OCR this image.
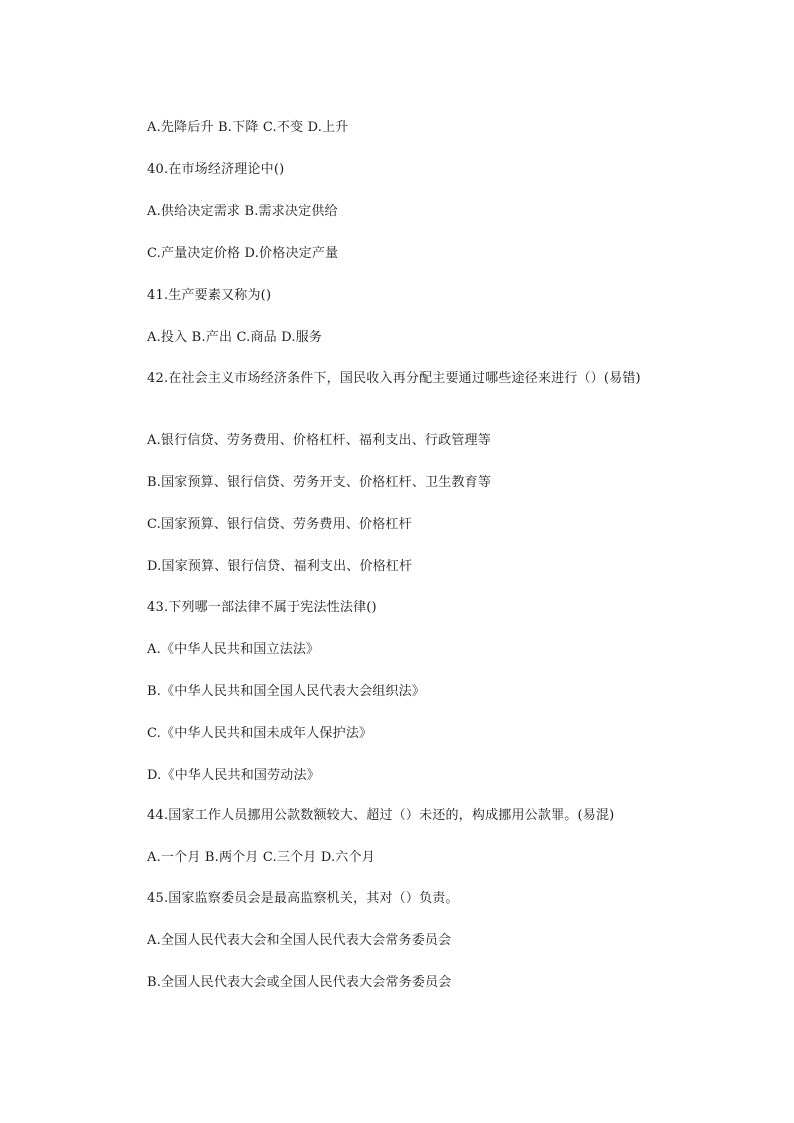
A.先降后升 B.下降 C.不变 D.上升
40.在市场经济理论中()
A.供给决定需求 B.需求决定供给
C.产量决定价格 D.价格决定产量
41.生产要素又称为()
A.投入 B.产出 C.商品 D.服务
42.在社会主义市场经济条件下，国民收入再分配主要通过哪些途径来进行（）(易错)
A.银行信贷、劳务费用、价格杠杆、福利支出、行政管理等
B.国家预算、银行信贷、劳务开支、价格杠杆、卫生教育等
C.国家预算、银行信贷、劳务费用、价格杠杆
D.国家预算、银行信贷、福利支出、价格杠杆
43.下列哪一部法律不属于宪法性法律()
A.《中华人民共和国立法法》
B.《中华人民共和国全国人民代表大会组织法》
C.《中华人民共和国未成年人保护法》
D.《中华人民共和国劳动法》
44.国家工作人员挪用公款数额较大、超过（）未还的，构成挪用公款罪。(易混)
A.一个月 B.两个月 C.三个月 D.六个月
45.国家监察委员会是最高监察机关，其对（）负责。
A.全国人民代表大会和全国人民代表大会常务委员会
B.全国人民代表大会或全国人民代表大会常务委员会
